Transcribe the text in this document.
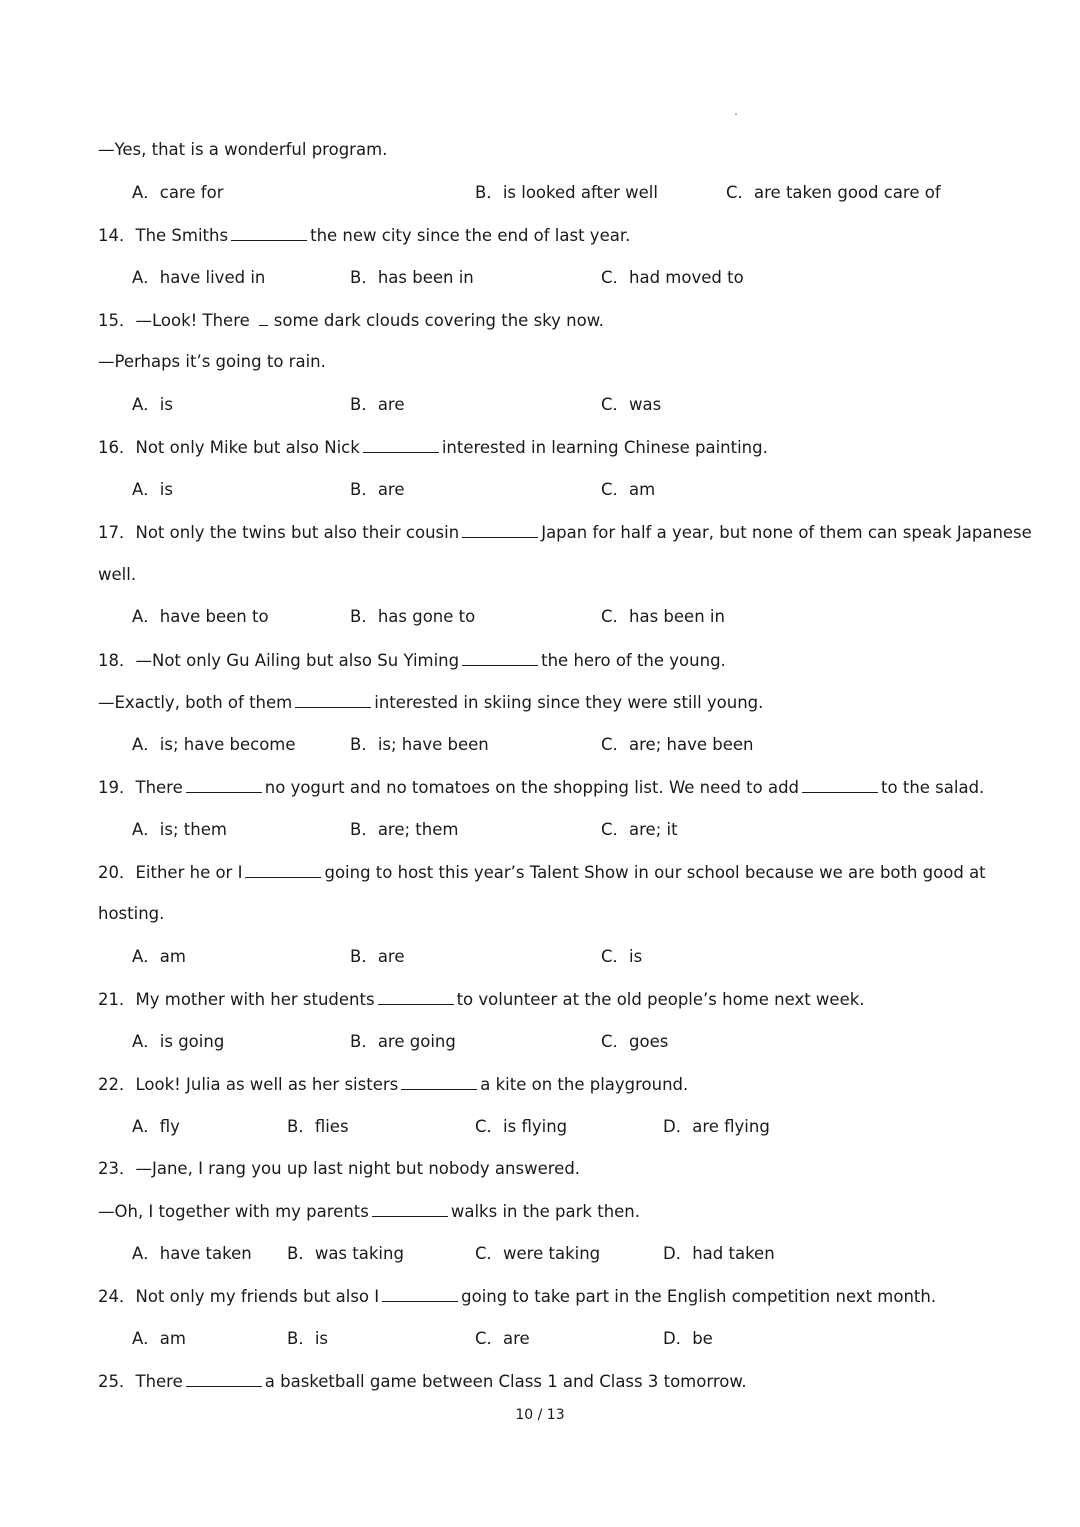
—Yes, that is a wonderful program.
A．care for	B．is looked after well	C．are taken good care of
14．The Smiths	the new city since the end of last year.
A．have lived in	B．has been in	C．had moved to
15．—Look! There some dark clouds covering the sky now.
—Perhaps it’s going to rain.
A．is	B．are	C．was
16．Not only Mike but also Nick	interested in learning Chinese painting.
A．is	B．are	C．am
17．Not only the twins but also their cousin	Japan for half a year, but none of them can speak Japanese
well.
A．have been to	B．has gone to	C．has been in
18．—Not only Gu Ailing but also Su Yiming	the hero of the young.
—Exactly, both of them	interested in skiing since they were still young.
A．is; have become	B．is; have been	C．are; have been
19．There	no yogurt and no tomatoes on the shopping list. We need to add	to the salad.
A．is; them	B．are; them	C．are; it
20．Either he or I	going to host this year’s Talent Show in our school because we are both good at
hosting.
A．am	B．are	C．is
21．My mother with her students	to volunteer at the old people’s home next week.
A．is going	B．are going	C．goes
22．Look! Julia as well as her sisters	a kite on the playground.
A．fly	B．flies	C．is flying	D．are flying
23．—Jane, I rang you up last night but nobody answered.
—Oh, I together with my parents	walks in the park then.
A．have taken B．was taking	C．were taking	D．had taken
24．Not only my friends but also I	going to take part in the English competition next month.
A．am	B．is	C．are	D．be
25．There	a basketball game between Class 1 and Class 3 tomorrow.
10 / 13
